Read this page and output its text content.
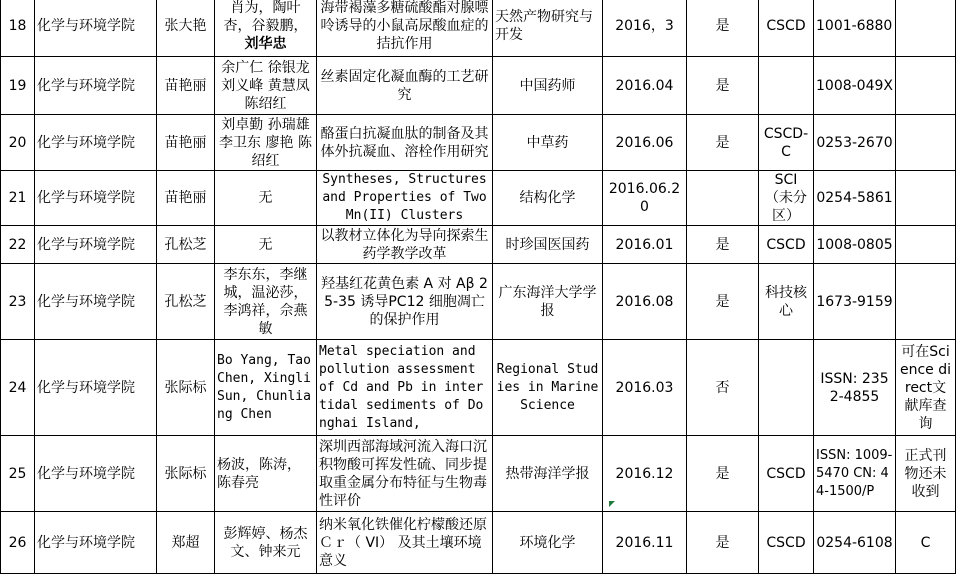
18	化学与环境学院	张大艳	肖为，陶叶杏，谷毅鹏，
刘华忠	海带褐藻多糖硫酸酯对腺嘌呤诱导的小鼠高尿酸血症的拮抗作用	天然产物研究与开发	2016，3	是	CSCD	1001-6880	
19	化学与环境学院	苗艳丽	余广仁 徐银龙 刘义峰 黄慧凤 陈绍红	丝素固定化凝血酶的工艺研究	中国药师	2016.04	是		1008-049X	
20	化学与环境学院	苗艳丽	刘卓勤 孙瑞雄　李卫东 廖艳 陈绍红	酪蛋白抗凝血肽的制备及其体外抗凝血、溶栓作用研究	中草药	2016.06	是	CSCD-C	0253-2670	
21	化学与环境学院	苗艳丽	无	Syntheses, Structures and Properties of Two Mn(II) Clusters	结构化学	2016.06.20		SCI（未分区）	0254-5861	
22	化学与环境学院	孔松芝	无	以教材立体化为导向探索生药学教学改革	时珍国医国药	2016.01	是	CSCD	1008-0805	
23	化学与环境学院	孔松芝	李东东，李继城，温泌莎，李鸿祥，佘燕敏	羟基红花黄色素 A 对 Aβ 25-35 诱导PC12 细胞凋亡的保护作用	广东海洋大学学报	2016.08	是	科技核心	1673-9159	
24	化学与环境学院	张际标	Bo Yang, Tao Chen, Xingli Sun, Chunliang Chen	Metal speciation and pollution assessment of Cd and Pb in intertidal sediments of Donghai Island,	Regional Studies in Marine Science	2016.03	否		ISSN: 2352-4855	可在Science direct文献库查询
25	化学与环境学院	张际标	杨波，陈涛，陈春亮	深圳西部海域河流入海口沉积物酸可挥发性硫、同步提取重金属分布特征与生物毒性评价	热带海洋学报	2016.12	是	CSCD	ISSN: 1009-5470 CN: 44-1500/P	正式刊物还未收到
26	化学与环境学院	郑超	彭辉婷、杨杰文、钟来元	纳米氧化铁催化柠檬酸还原 Ｃｒ（ VI） 及其土壤环境意义	环境化学	2016.11	是	CSCD	0254-6108	C
